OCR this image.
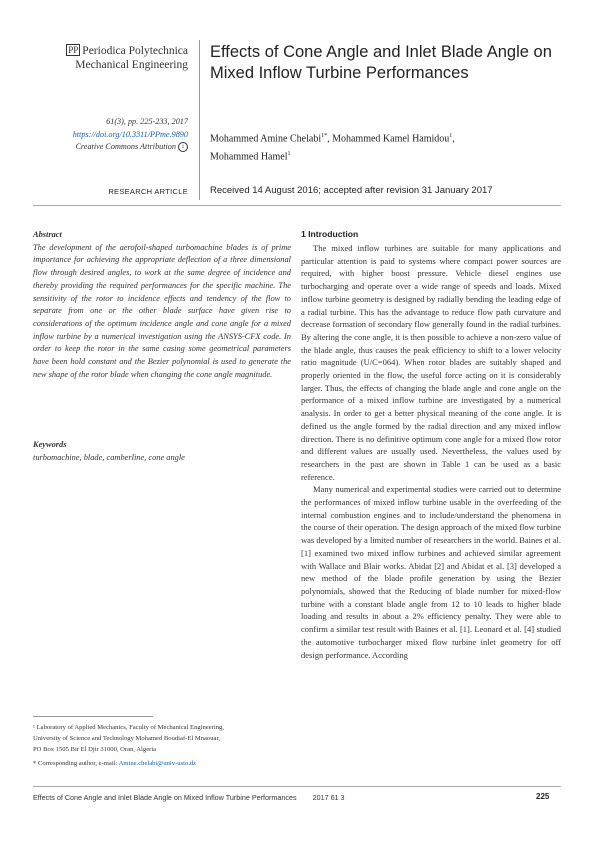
PP Periodica Polytechnica
Mechanical Engineering
Effects of Cone Angle and Inlet Blade Angle on Mixed Inflow Turbine Performances
61(3), pp. 225-233, 2017
https://doi.org/10.3311/PPme.9890
Creative Commons Attribution i
Mohammed Amine Chelabi$^{1*}$, Mohammed Kamel Hamidou$^1$,
Mohammed Hamel$^1$
RESEARCH ARTICLE Received 14 August 2016; accepted after revision 31 January 2017
Abstract
The development of the aerofoil-shaped turbomachine blades is of prime importance for achieving the appropriate deflection of a three dimensional flow through desired angles, to work at the same degree of incidence and thereby providing the required performances for the specific machine. The sensitivity of the rotor to incidence effects and tendency of the flow to separate from one or the other blade surface have given rise to considerations of the optimum incidence angle and cone angle for a mixed inflow turbine by a numerical investigation using the ANSYS-CFX code. In order to keep the rotor in the same casing some geometrical parameters have been hold constant and the Bezier polynomial is used to generate the new shape of the rotor blade when changing the cone angle magnitude.
Keywords
turbomachine, blade, camberline, cone angle
¹ Laboratory of Applied Mechanics, Faculty of Mechanical Engineering,
University of Science and Technology Mohamed Boudiaf-El Mnaouar,
PO Box 1505 Bir El Djir 31000, Oran, Algeria
* Corresponding author, e-mail: Amine.chelabi@univ-usto.dz
1 Introduction

The mixed inflow turbines are suitable for many applications and particular attention is paid to systems where compact power sources are required, with higher boost pressure. Vehicle diesel engines use turbocharging and operate over a wide range of speeds and loads. Mixed inflow turbine geometry is designed by radially bending the leading edge of a radial turbine. This has the advantage to reduce flow path curvature and decrease formation of secondary flow generally found in the radial turbines. By altering the cone angle, it is then possible to achieve a non-zero value of the blade angle, thus causes the peak efficiency to shift to a lower velocity ratio magnitude (U/C=064). When rotor blades are suitably shaped and properly oriented in the flow, the useful force acting on it is considerably larger. Thus, the effects of changing the blade angle and cone angle on the performance of a mixed inflow turbine are investigated by a numerical analysis. In order to get a better physical meaning of the cone angle. It is defined us the angle formed by the radial direction and any mixed inflow direction. There is no definitive optimum cone angle for a mixed flow rotor and different values are usually used. Nevertheless, the values used by researchers in the past are shown in Table 1 can be used as a basic reference.

Many numerical and experimental studies were carried out to determine the performances of mixed inflow turbine usable in the overfeeding of the internal combustion engines and to include/understand the phenomena in the course of their operation. The design approach of the mixed flow turbine was developed by a limited number of researchers in the world. Baines et al. [1] examined two mixed inflow turbines and achieved similar agreement with Wallace and Blair works. Abidat [2] and Abidat et al. [3] developed a new method of the blade profile generation by using the Bezier polynomials, showed that the Reducing of blade number for mixed-flow turbine with a constant blade angle from 12 to 10 leads to higher blade loading and results in about a 2% efficiency penalty. They were able to confirm a similar test result with Baines et al. [1]. Leonard et al. [4] studied the automotive turbocharger mixed flow turbine inlet geometry for off design performance. According

Effects of Cone Angle and Inlet Blade Angle on Mixed Inflow Turbine Performances 2017 61 3	225
